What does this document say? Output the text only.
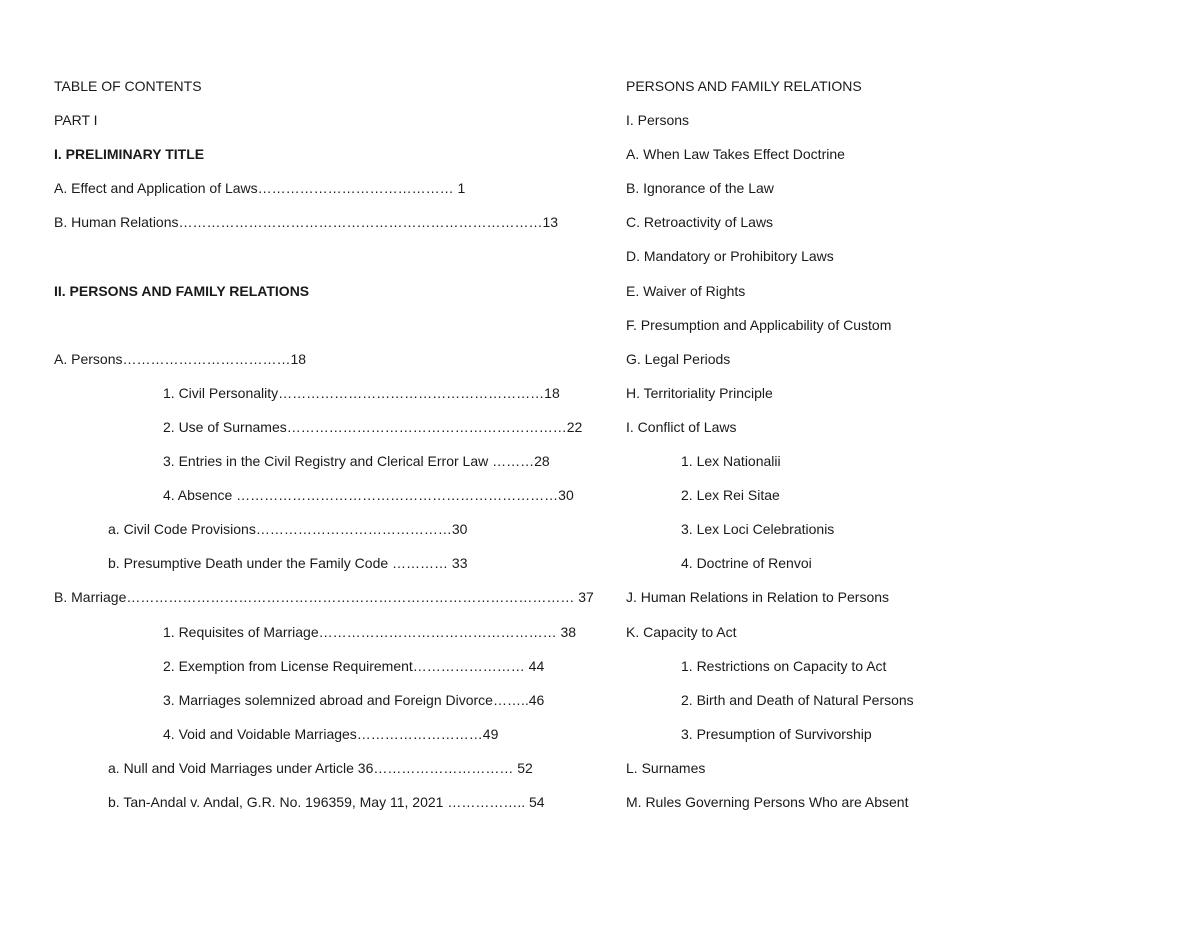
TABLE OF CONTENTS
PART I
I. PRELIMINARY TITLE
A. Effect and Application of Laws…………………………………… 1
B. Human Relations……………………………………………………………………13
II. PERSONS AND FAMILY RELATIONS
A. Persons………………………………18
1. Civil Personality…………………………………………………18
2. Use of Surnames……………………………………………………22
3. Entries in the Civil Registry and Clerical Error Law ………28
4. Absence ……………………………………………………………30
a. Civil Code Provisions……………………………………30
b. Presumptive Death under the Family Code ………… 33
B. Marriage…………………………………………………………………………………… 37
1. Requisites of Marriage…………………………………………… 38
2. Exemption from License Requirement…………………… 44
3. Marriages solemnized abroad and Foreign Divorce……..46
4. Void and Voidable Marriages………………………49
a. Null and Void Marriages under Article 36………………………… 52
b. Tan-Andal v. Andal, G.R. No. 196359, May 11, 2021 …………….. 54
PERSONS AND FAMILY RELATIONS
I. Persons
A. When Law Takes Effect Doctrine
B. Ignorance of the Law
C. Retroactivity of Laws
D. Mandatory or Prohibitory Laws
E. Waiver of Rights
F. Presumption and Applicability of Custom
G. Legal Periods
H. Territoriality Principle
I. Conflict of Laws
1. Lex Nationalii
2. Lex Rei Sitae
3. Lex Loci Celebrationis
4. Doctrine of Renvoi
J. Human Relations in Relation to Persons
K. Capacity to Act
1. Restrictions on Capacity to Act
2. Birth and Death of Natural Persons
3. Presumption of Survivorship
L. Surnames
M. Rules Governing Persons Who are Absent
